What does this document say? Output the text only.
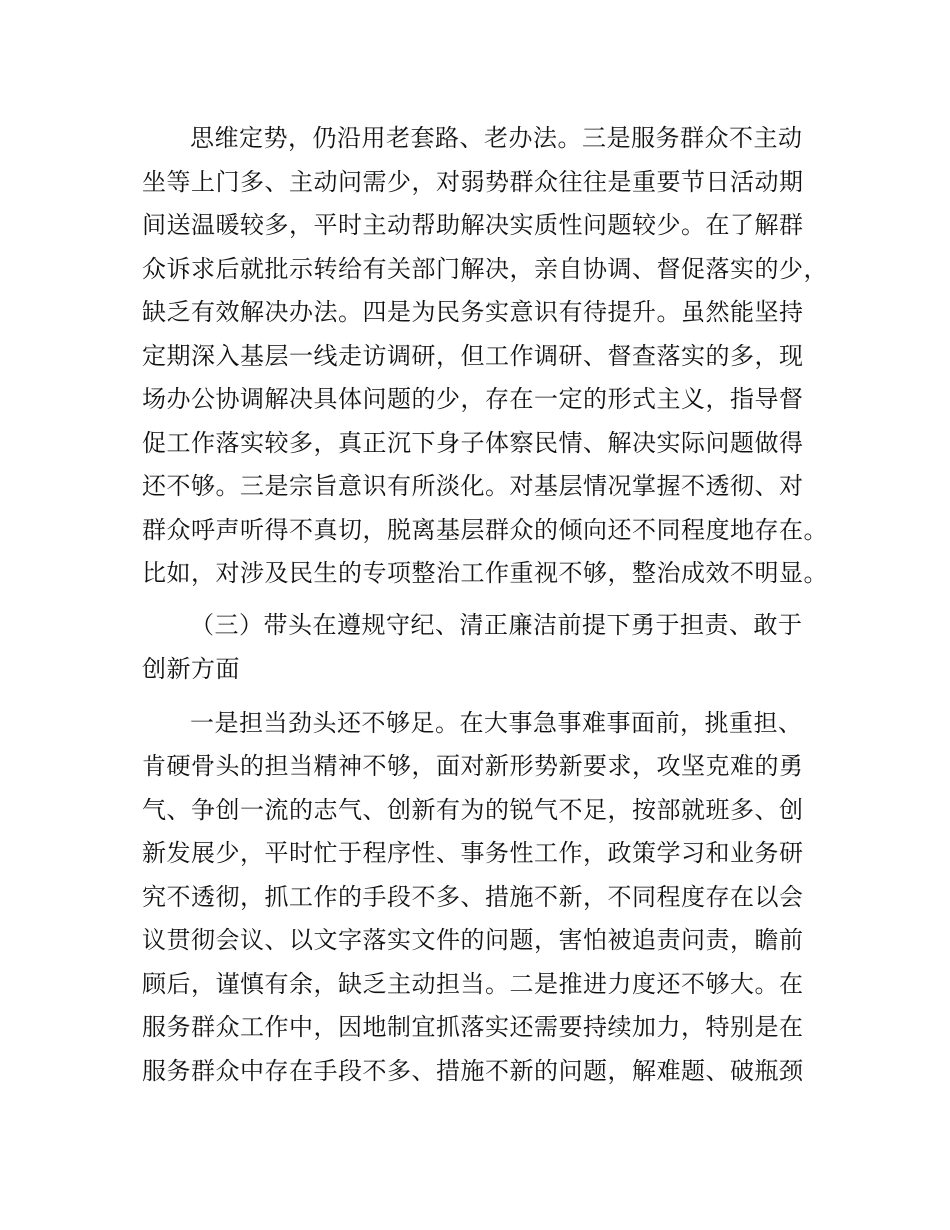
思维定势，仍沿用老套路、老办法。三是服务群众不主动
坐等上门多、主动问需少，对弱势群众往往是重要节日活动期
间送温暖较多，平时主动帮助解决实质性问题较少。在了解群
众诉求后就批示转给有关部门解决，亲自协调、督促落实的少，
缺乏有效解决办法。四是为民务实意识有待提升。虽然能坚持
定期深入基层一线走访调研，但工作调研、督查落实的多，现
场办公协调解决具体问题的少，存在一定的形式主义，指导督
促工作落实较多，真正沉下身子体察民情、解决实际问题做得
还不够。三是宗旨意识有所淡化。对基层情况掌握不透彻、对
群众呼声听得不真切，脱离基层群众的倾向还不同程度地存在。
比如，对涉及民生的专项整治工作重视不够，整治成效不明显。
（三）带头在遵规守纪、清正廉洁前提下勇于担责、敢于
创新方面
一是担当劲头还不够足。在大事急事难事面前，挑重担、
肯硬骨头的担当精神不够，面对新形势新要求，攻坚克难的勇
气、争创一流的志气、创新有为的锐气不足，按部就班多、创
新发展少，平时忙于程序性、事务性工作，政策学习和业务研
究不透彻，抓工作的手段不多、措施不新，不同程度存在以会
议贯彻会议、以文字落实文件的问题，害怕被追责问责，瞻前
顾后，谨慎有余，缺乏主动担当。二是推进力度还不够大。在
服务群众工作中，因地制宜抓落实还需要持续加力，特别是在
服务群众中存在手段不多、措施不新的问题，解难题、破瓶颈
